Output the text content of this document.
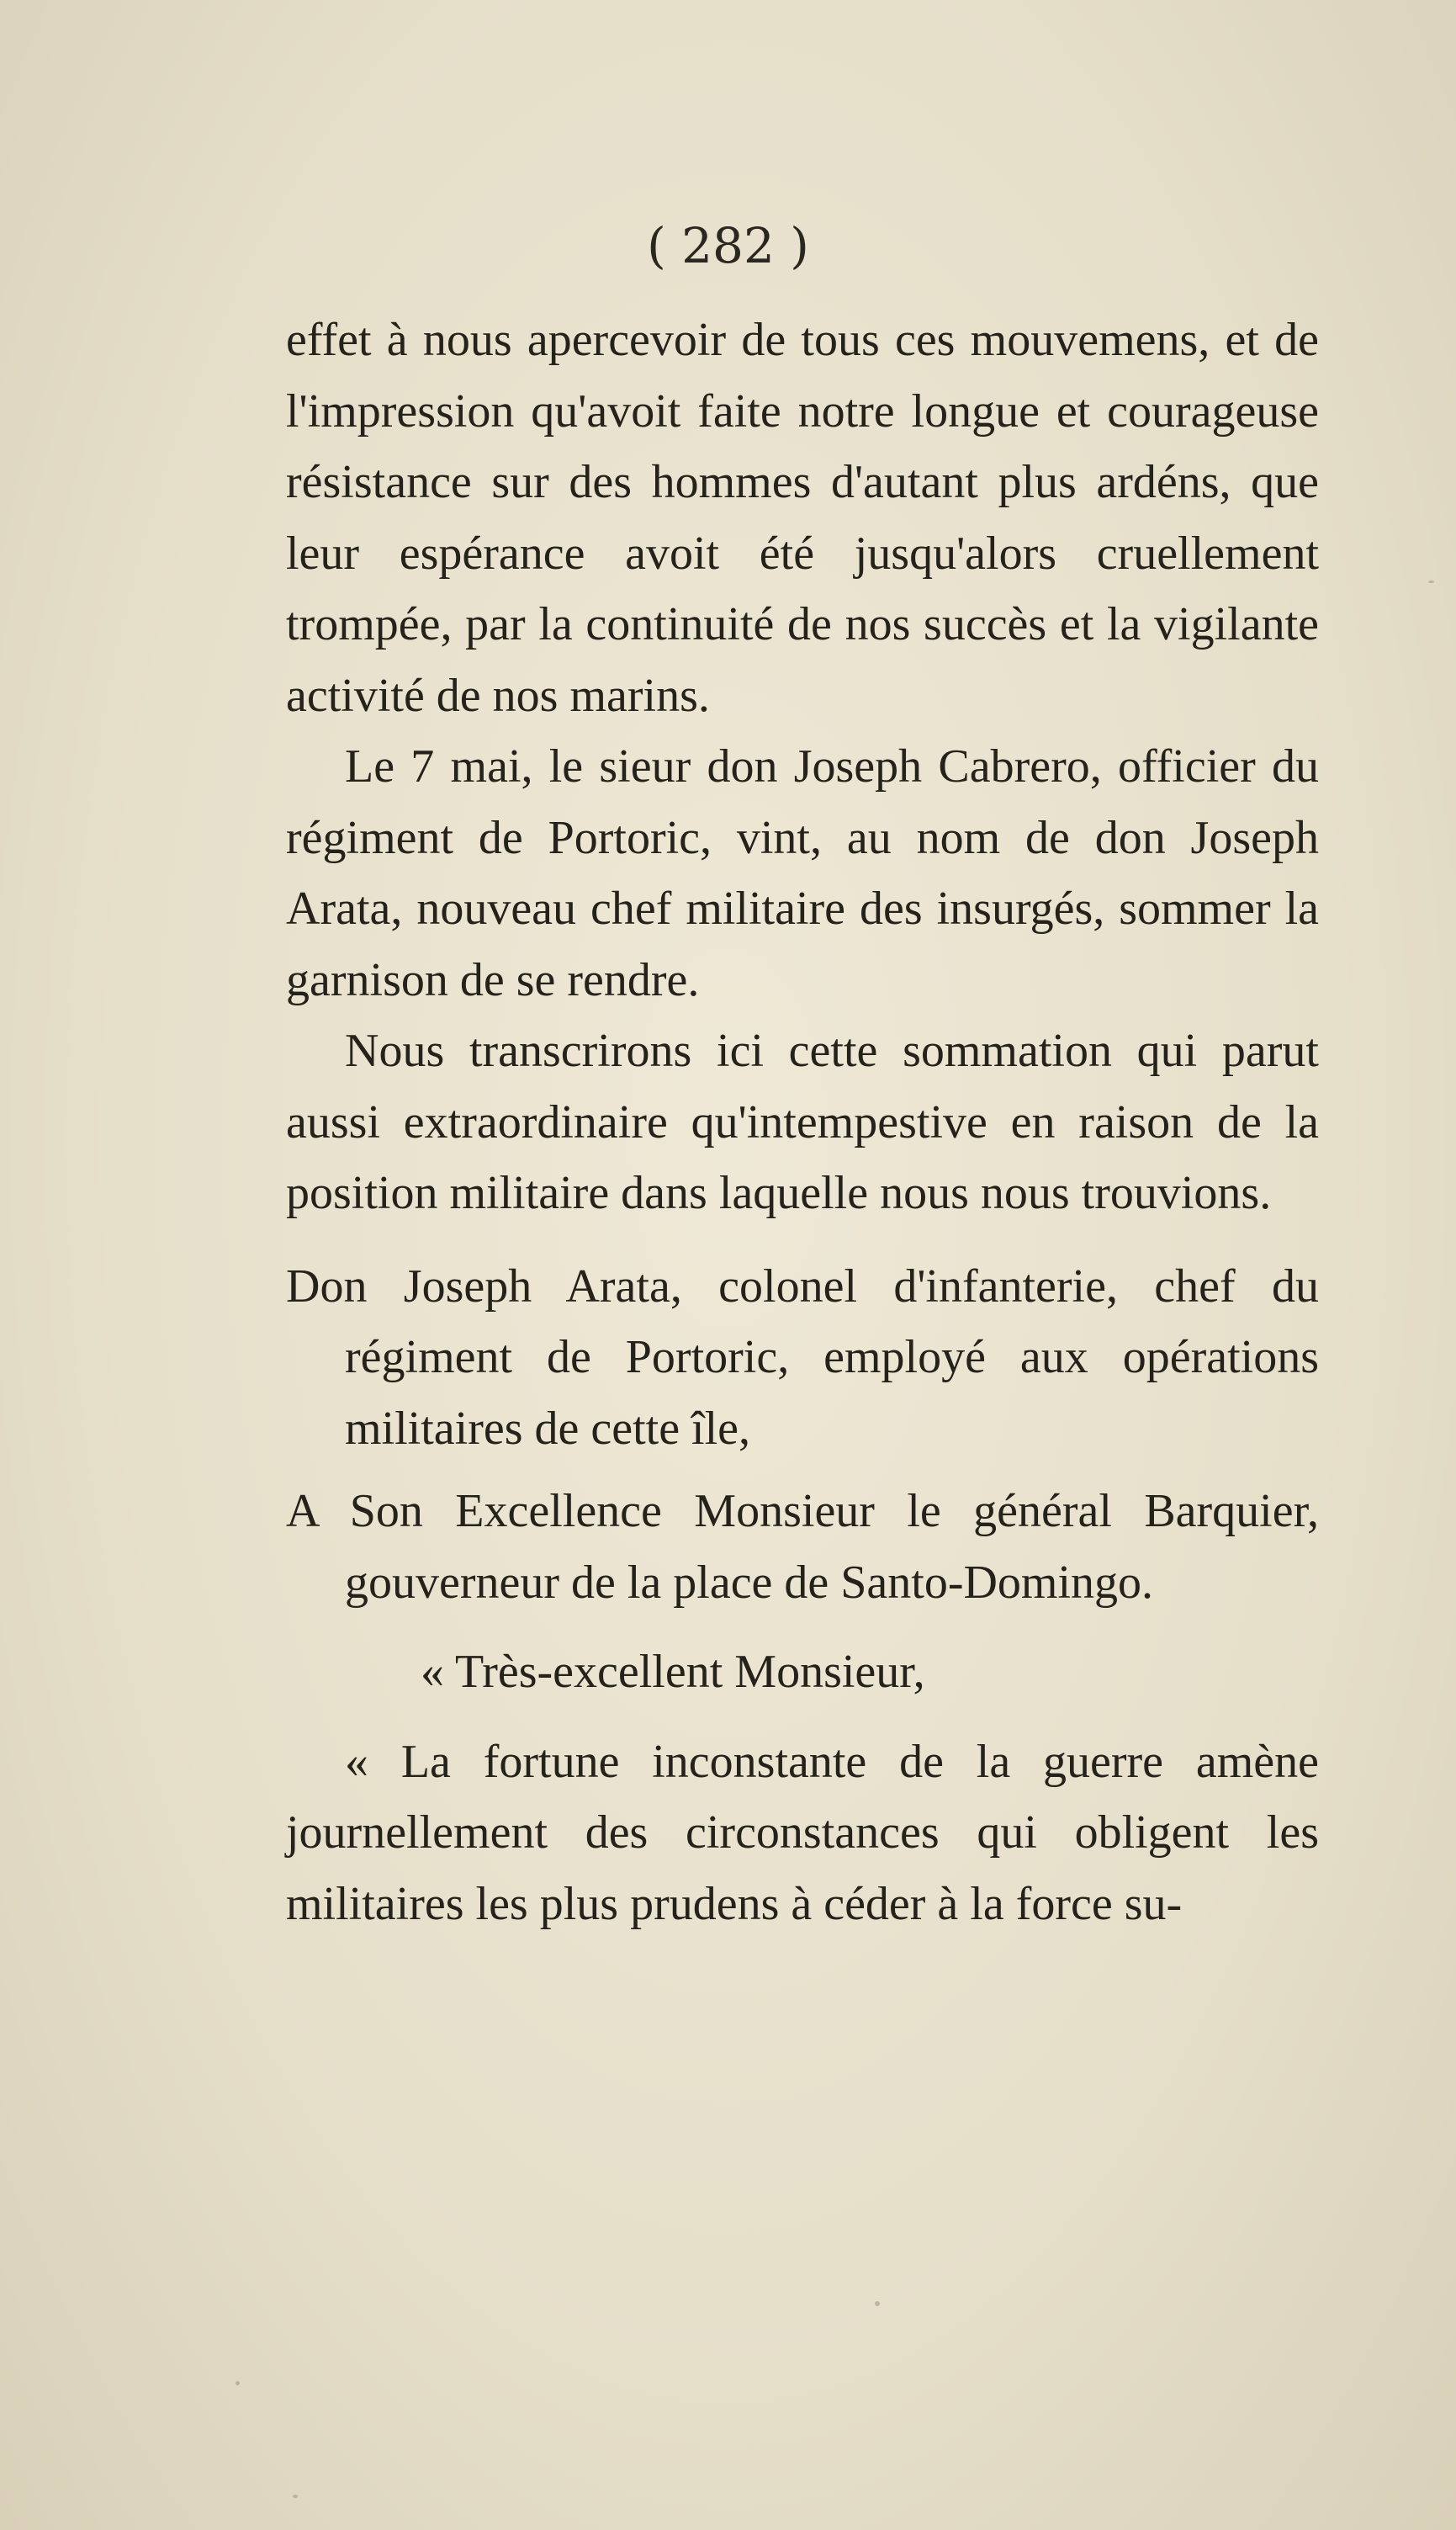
( 282 )

effet à nous apercevoir de tous ces mouvemens, et de l'impression qu'avoit faite notre longue et courageuse résistance sur des hommes d'autant plus ardéns, que leur espérance avoit été jusqu'alors cruellement trompée, par la continuité de nos succès et la vigilante activité de nos marins.

Le 7 mai, le sieur don Joseph Cabrero, officier du régiment de Portoric, vint, au nom de don Joseph Arata, nouveau chef militaire des insurgés, sommer la garnison de se rendre.

Nous transcrirons ici cette sommation qui parut aussi extraordinaire qu'intempestive en raison de la position militaire dans laquelle nous nous trouvions.

Don Joseph Arata, colonel d'infanterie, chef du régiment de Portoric, employé aux opérations militaires de cette île,

A Son Excellence Monsieur le général Barquier, gouverneur de la place de Santo-Domingo.

« Très-excellent Monsieur,

« La fortune inconstante de la guerre amène journellement des circonstances qui obligent les militaires les plus prudens à céder à la force su-
